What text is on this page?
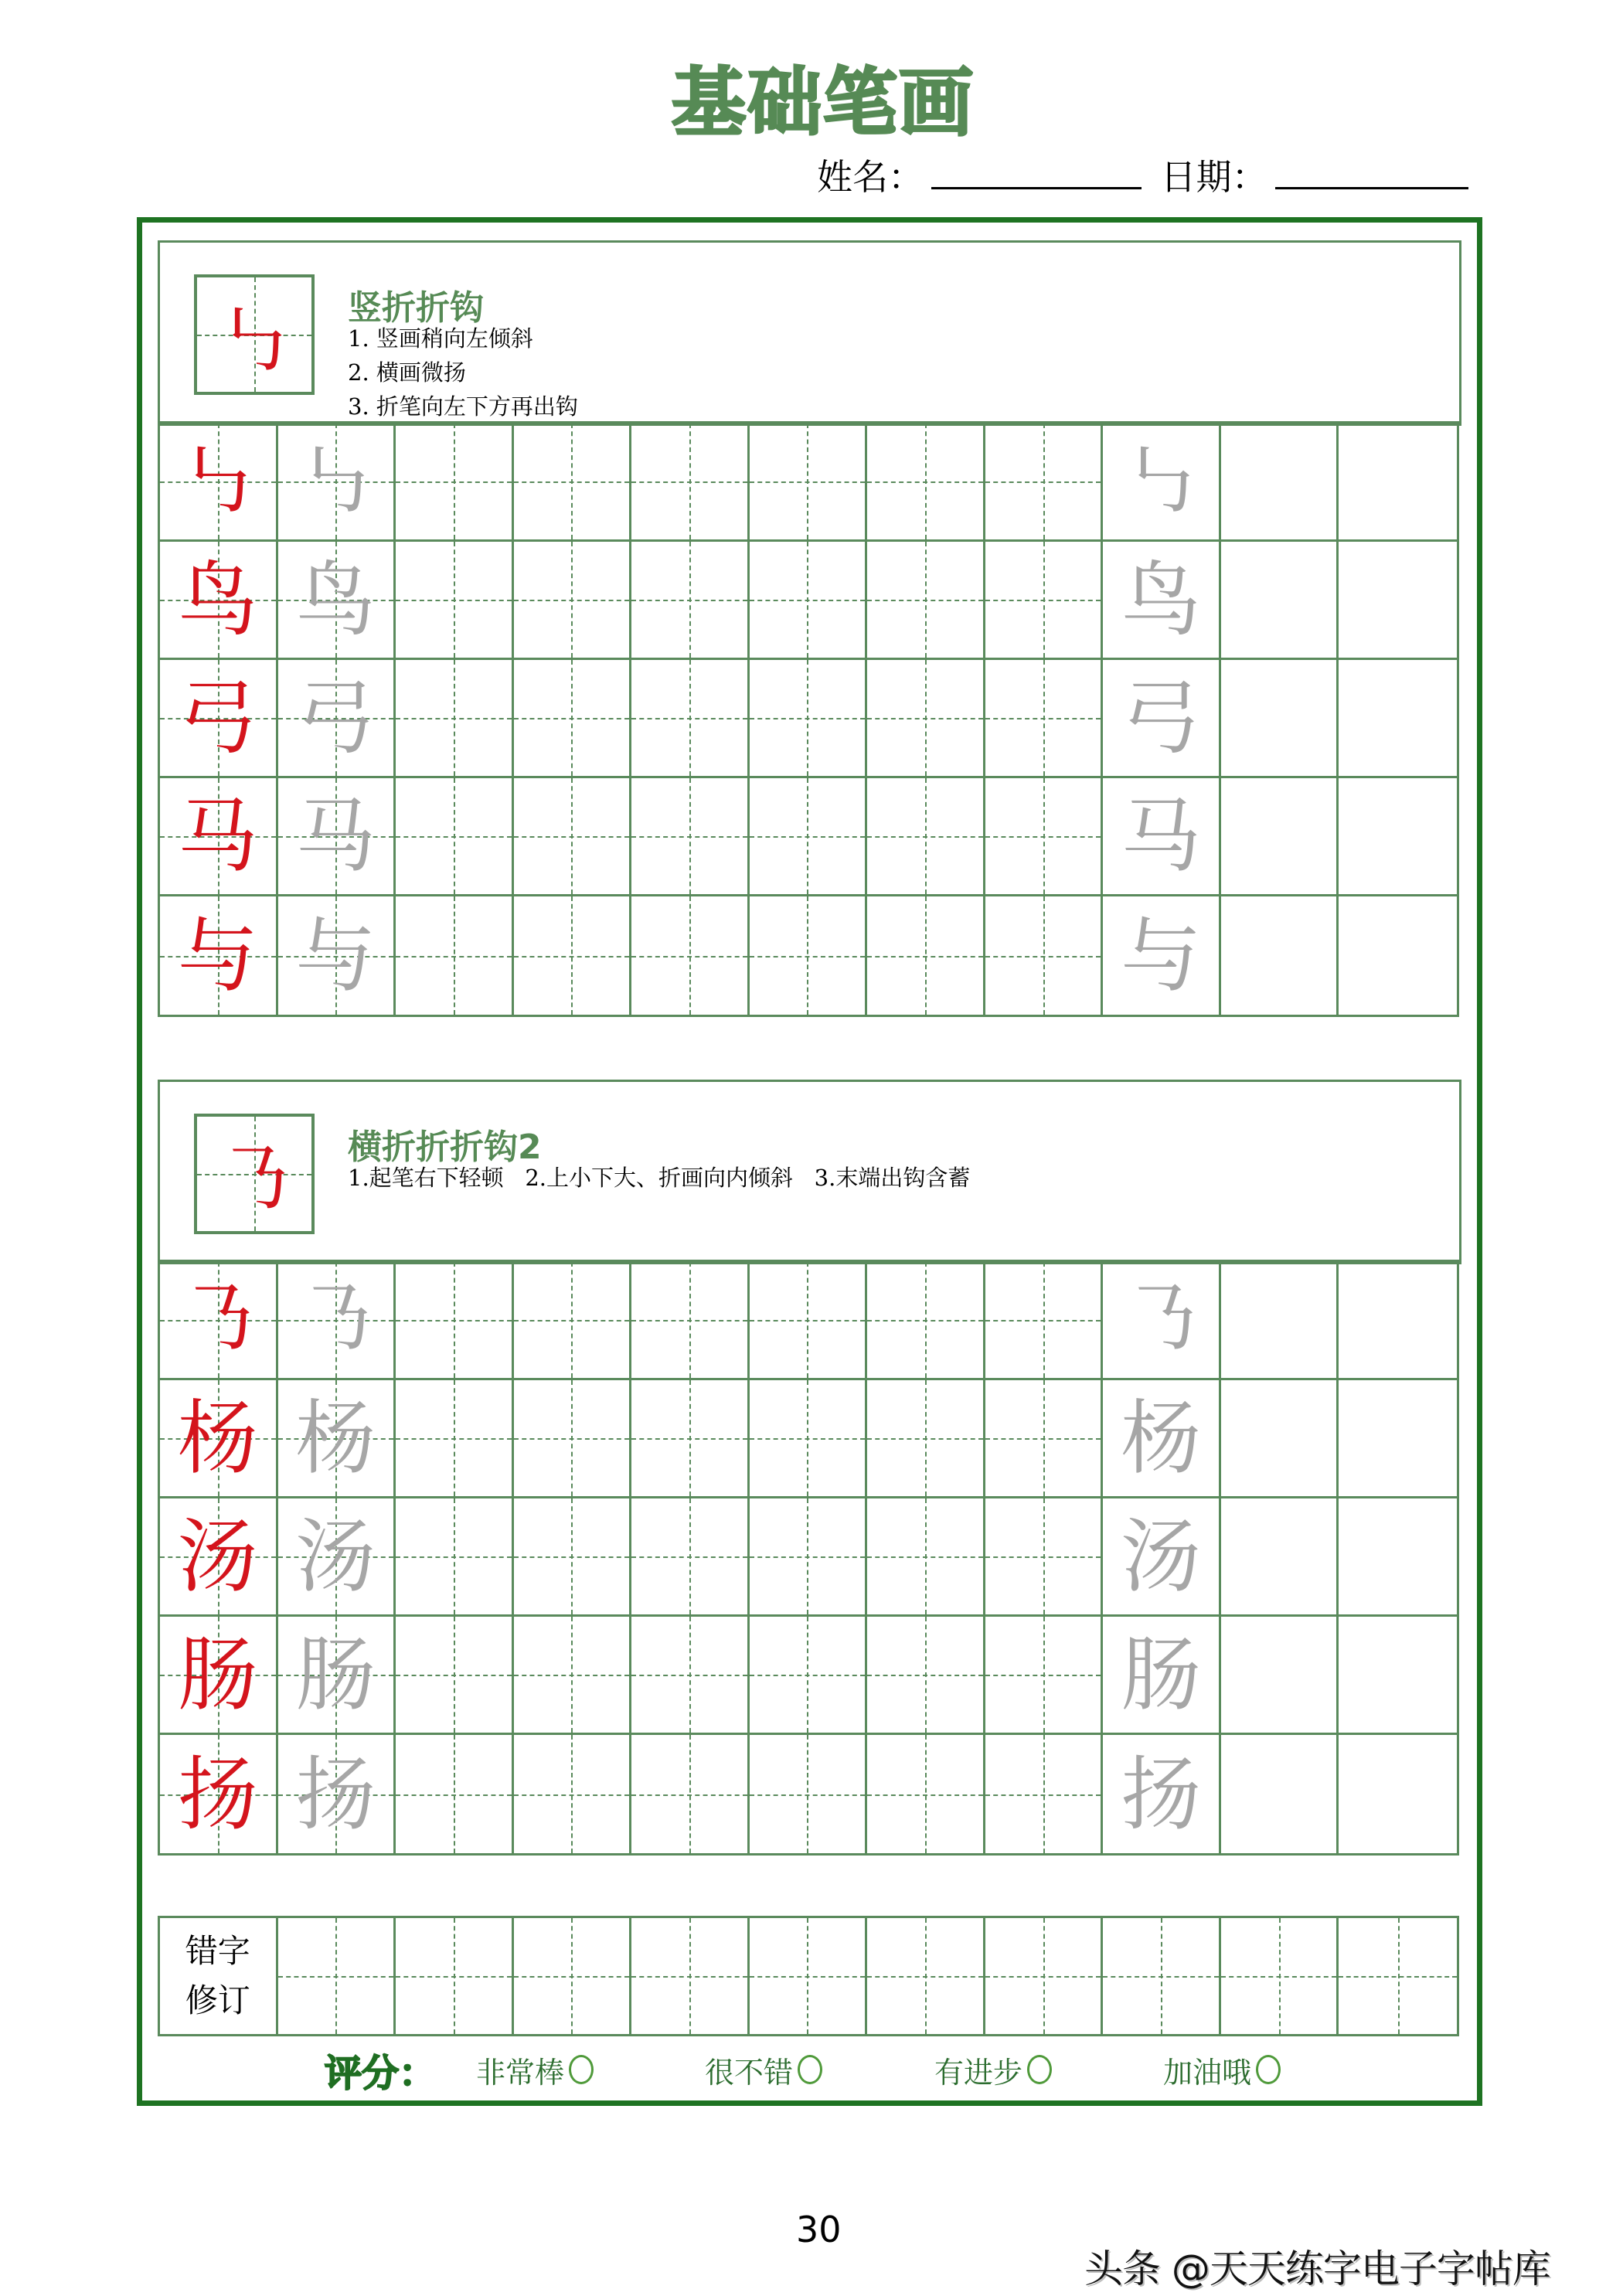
基础笔画
姓名：	日期：
㇉	竖折折钩
1. 竖画稍向左倾斜
2. 横画微扬
3. 折笔向左下方再出钩
㇉ ㇉	㇉
鸟 鸟	鸟
弓 弓	弓
马 马	马
与 与	与
㇡	横折折折钩2
1.起笔右下轻顿   2.上小下大、折画向内倾斜   3.末端出钩含蓄
㇡ ㇡	㇡
杨 杨	杨
汤 汤	汤
肠 肠	肠
扬 扬	扬
错字
修订
评分： 非常棒	很不错	有进步	加油哦
30
头条 @天天练字电子字帖库
